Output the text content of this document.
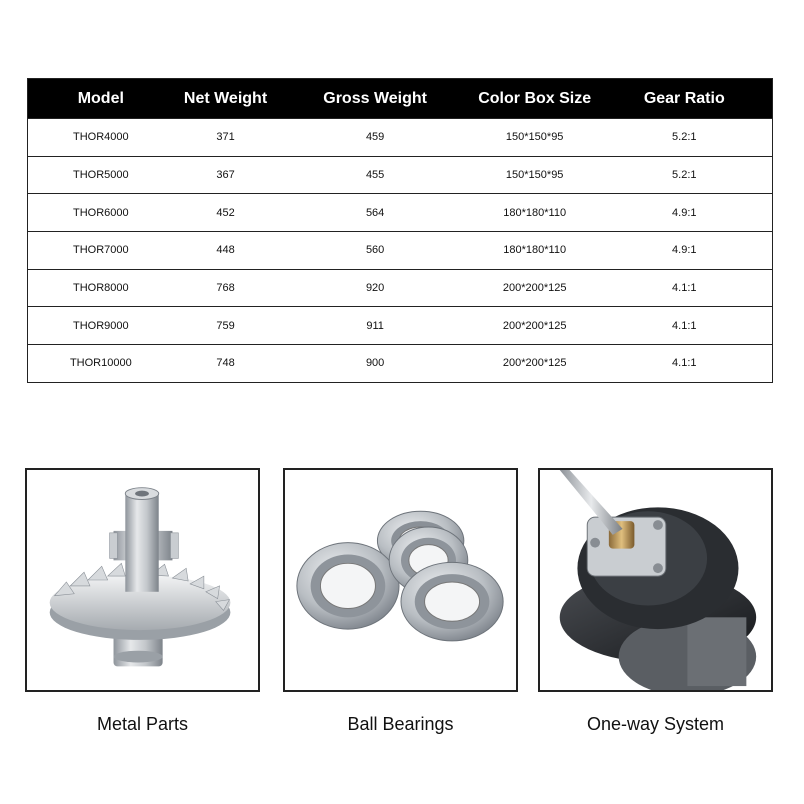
Model	Net Weight	Gross Weight	Color Box Size	Gear Ratio
THOR4000	371	459	150*150*95	5.2:1
THOR5000	367	455	150*150*95	5.2:1
THOR6000	452	564	180*180*110	4.9:1
THOR7000	448	560	180*180*110	4.9:1
THOR8000	768	920	200*200*125	4.1:1
THOR9000	759	911	200*200*125	4.1:1
THOR10000	748	900	200*200*125	4.1:1
Metal Parts	Ball Bearings	One-way System
